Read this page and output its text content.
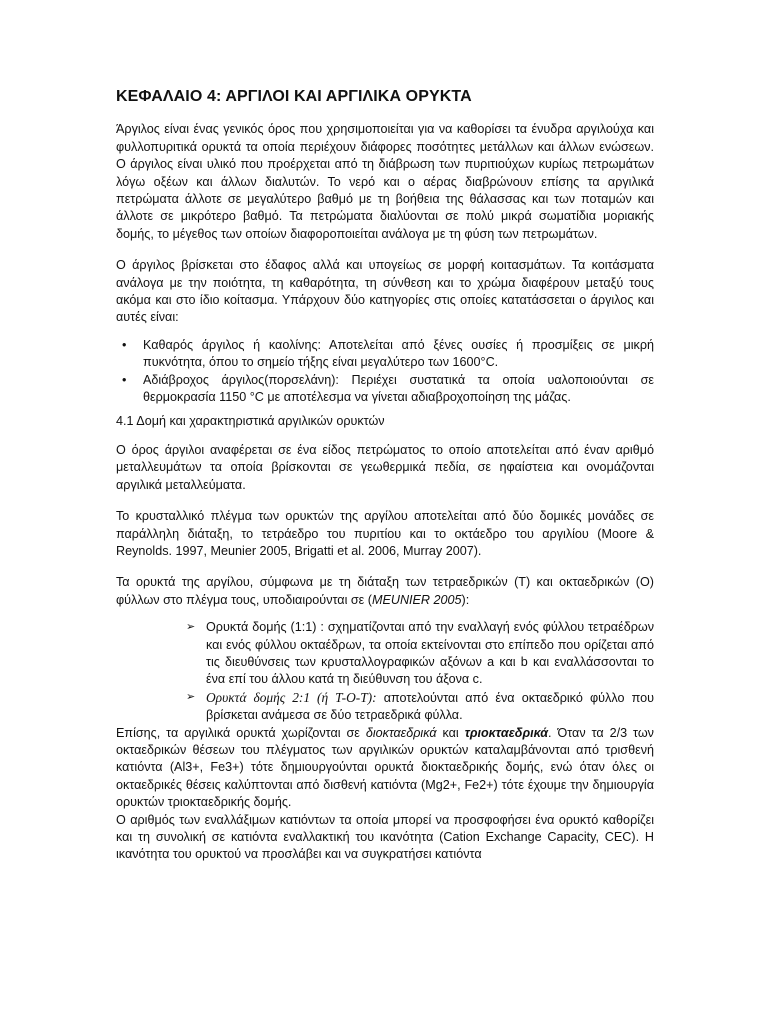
ΚΕΦΑΛΑΙΟ 4: ΑΡΓΙΛΟΙ ΚΑΙ ΑΡΓΙΛΙΚΑ ΟΡΥΚΤΑ

Άργιλος είναι ένας γενικός όρος που χρησιμοποιείται για να καθορίσει τα ένυδρα αργιλούχα και φυλλοπυριτικά ορυκτά τα οποία περιέχουν διάφορες ποσότητες μετάλλων και άλλων ενώσεων. Ο άργιλος είναι υλικό που προέρχεται από τη διάβρωση των πυριτιούχων κυρίως πετρωμάτων λόγω οξέων και άλλων διαλυτών. Το νερό και ο αέρας διαβρώνουν επίσης τα αργιλικά πετρώματα άλλοτε σε μεγαλύτερο βαθμό με τη βοήθεια της θάλασσας και των ποταμών και άλλοτε σε μικρότερο βαθμό. Τα πετρώματα διαλύονται σε πολύ μικρά σωματίδια μοριακής δομής, το μέγεθος των οποίων διαφοροποιείται ανάλογα με τη φύση των πετρωμάτων.

Ο άργιλος βρίσκεται στο έδαφος αλλά και υπογείως σε μορφή κοιτασμάτων. Τα κοιτάσματα ανάλογα με την ποιότητα, τη καθαρότητα, τη σύνθεση και το χρώμα διαφέρουν μεταξύ τους ακόμα και στο ίδιο κοίτασμα. Υπάρχουν δύο κατηγορίες στις οποίες κατατάσσεται ο άργιλος και αυτές είναι:

• Καθαρός άργιλος ή καολίνης: Αποτελείται από ξένες ουσίες ή προσμίξεις σε μικρή πυκνότητα, όπου το σημείο τήξης είναι μεγαλύτερο των 1600°C.
• Αδιάβροχος άργιλος(πορσελάνη): Περιέχει συστατικά τα οποία υαλοποιούνται σε θερμοκρασία 1150 °C με αποτέλεσμα να γίνεται αδιαβροχοποίηση της μάζας.

4.1 Δομή και χαρακτηριστικά αργιλικών ορυκτών

Ο όρος άργιλοι αναφέρεται σε ένα είδος πετρώματος το οποίο αποτελείται από έναν αριθμό μεταλλευμάτων τα οποία βρίσκονται σε γεωθερμικά πεδία, σε ηφαίστεια και ονομάζονται αργιλικά μεταλλεύματα.

Το κρυσταλλικό πλέγμα των ορυκτών της αργίλου αποτελείται από δύο δομικές μονάδες σε παράλληλη διάταξη, το τετράεδρο του πυριτίου και το οκτάεδρο του αργιλίου (Moore & Reynolds. 1997, Meunier 2005, Brigatti et al. 2006, Murray 2007).

Τα ορυκτά της αργίλου, σύμφωνα με τη διάταξη των τετραεδρικών (Τ) και οκταεδρικών (Ο) φύλλων στο πλέγμα τους, υποδιαιρούνται σε (MEUNIER 2005):

➢ Ορυκτά δομής (1:1) : σχηματίζονται από την εναλλαγή ενός φύλλου τετραέδρων και ενός φύλλου οκταέδρων, τα οποία εκτείνονται στο επίπεδο που ορίζεται από τις διευθύνσεις των κρυσταλλογραφικών αξόνων a και b και εναλλάσσονται το ένα επί του άλλου κατά τη διεύθυνση του άξονα c.
➢ Ορυκτά δομής 2:1 (ή T-O-T): αποτελούνται από ένα οκταεδρικό φύλλο που βρίσκεται ανάμεσα σε δύο τετραεδρικά φύλλα.

Επίσης, τα αργιλικά ορυκτά χωρίζονται σε διοκταεδρικά και τριοκταεδρικά. Όταν τα 2/3 των οκταεδρικών θέσεων του πλέγματος των αργιλικών ορυκτών καταλαμβάνονται από τρισθενή κατιόντα (Al3+, Fe3+) τότε δημιουργούνται ορυκτά διοκταεδρικής δομής, ενώ όταν όλες οι οκταεδρικές θέσεις καλύπτονται από δισθενή κατιόντα (Mg2+, Fe2+) τότε έχουμε την δημιουργία ορυκτών τριοκταεδρικής δομής.

Ο αριθμός των εναλλάξιμων κατιόντων τα οποία μπορεί να προσφοφήσει ένα ορυκτό καθορίζει και τη συνολική σε κατιόντα εναλλακτική του ικανότητα (Cation Exchange Capacity, CEC). Η ικανότητα του ορυκτού να προσλάβει και να συγκρατήσει κατιόντα
